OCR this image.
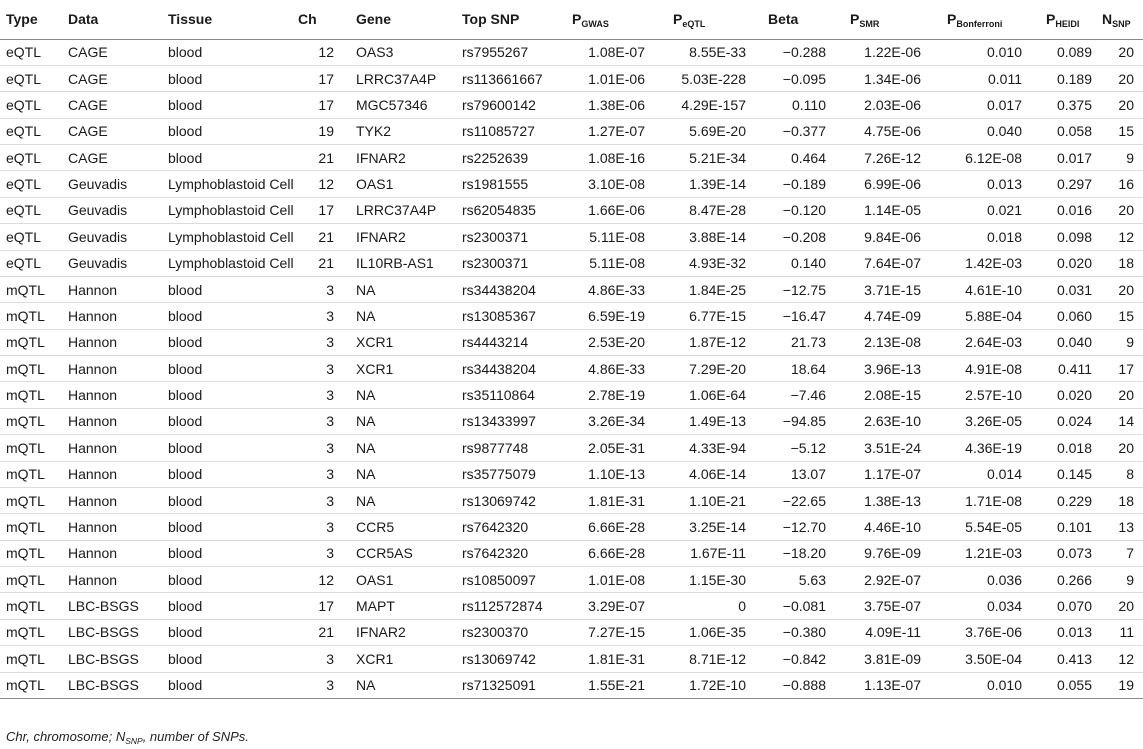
Type	Data	Tissue	Ch	Gene	Top SNP	$P_{GWAS}$	$P_{eQTL}$	Beta	$P_{SMR}$	$P_{Bonferroni}$	$P_{HEIDI}$	$N_{SNP}$
eQTL	CAGE	blood	12	OAS3	rs7955267	1.08E-07	8.55E-33	−0.288	1.22E-06	0.010	0.089	20
eQTL	CAGE	blood	17	LRRC37A4P	rs113661667	1.01E-06	5.03E-228	−0.095	1.34E-06	0.011	0.189	20
eQTL	CAGE	blood	17	MGC57346	rs79600142	1.38E-06	4.29E-157	0.110	2.03E-06	0.017	0.375	20
eQTL	CAGE	blood	19	TYK2	rs11085727	1.27E-07	5.69E-20	−0.377	4.75E-06	0.040	0.058	15
eQTL	CAGE	blood	21	IFNAR2	rs2252639	1.08E-16	5.21E-34	0.464	7.26E-12	6.12E-08	0.017	9
eQTL	Geuvadis	Lymphoblastoid Cell	12	OAS1	rs1981555	3.10E-08	1.39E-14	−0.189	6.99E-06	0.013	0.297	16
eQTL	Geuvadis	Lymphoblastoid Cell	17	LRRC37A4P	rs62054835	1.66E-06	8.47E-28	−0.120	1.14E-05	0.021	0.016	20
eQTL	Geuvadis	Lymphoblastoid Cell	21	IFNAR2	rs2300371	5.11E-08	3.88E-14	−0.208	9.84E-06	0.018	0.098	12
eQTL	Geuvadis	Lymphoblastoid Cell	21	IL10RB-AS1	rs2300371	5.11E-08	4.93E-32	0.140	7.64E-07	1.42E-03	0.020	18
mQTL	Hannon	blood	3	NA	rs34438204	4.86E-33	1.84E-25	−12.75	3.71E-15	4.61E-10	0.031	20
mQTL	Hannon	blood	3	NA	rs13085367	6.59E-19	6.77E-15	−16.47	4.74E-09	5.88E-04	0.060	15
mQTL	Hannon	blood	3	XCR1	rs4443214	2.53E-20	1.87E-12	21.73	2.13E-08	2.64E-03	0.040	9
mQTL	Hannon	blood	3	XCR1	rs34438204	4.86E-33	7.29E-20	18.64	3.96E-13	4.91E-08	0.411	17
mQTL	Hannon	blood	3	NA	rs35110864	2.78E-19	1.06E-64	−7.46	2.08E-15	2.57E-10	0.020	20
mQTL	Hannon	blood	3	NA	rs13433997	3.26E-34	1.49E-13	−94.85	2.63E-10	3.26E-05	0.024	14
mQTL	Hannon	blood	3	NA	rs9877748	2.05E-31	4.33E-94	−5.12	3.51E-24	4.36E-19	0.018	20
mQTL	Hannon	blood	3	NA	rs35775079	1.10E-13	4.06E-14	13.07	1.17E-07	0.014	0.145	8
mQTL	Hannon	blood	3	NA	rs13069742	1.81E-31	1.10E-21	−22.65	1.38E-13	1.71E-08	0.229	18
mQTL	Hannon	blood	3	CCR5	rs7642320	6.66E-28	3.25E-14	−12.70	4.46E-10	5.54E-05	0.101	13
mQTL	Hannon	blood	3	CCR5AS	rs7642320	6.66E-28	1.67E-11	−18.20	9.76E-09	1.21E-03	0.073	7
mQTL	Hannon	blood	12	OAS1	rs10850097	1.01E-08	1.15E-30	5.63	2.92E-07	0.036	0.266	9
mQTL	LBC-BSGS	blood	17	MAPT	rs112572874	3.29E-07	0	−0.081	3.75E-07	0.034	0.070	20
mQTL	LBC-BSGS	blood	21	IFNAR2	rs2300370	7.27E-15	1.06E-35	−0.380	4.09E-11	3.76E-06	0.013	11
mQTL	LBC-BSGS	blood	3	XCR1	rs13069742	1.81E-31	8.71E-12	−0.842	3.81E-09	3.50E-04	0.413	12
mQTL	LBC-BSGS	blood	3	NA	rs71325091	1.55E-21	1.72E-10	−0.888	1.13E-07	0.010	0.055	19
Chr, chromosome; $N_{SNP}$, number of SNPs.
